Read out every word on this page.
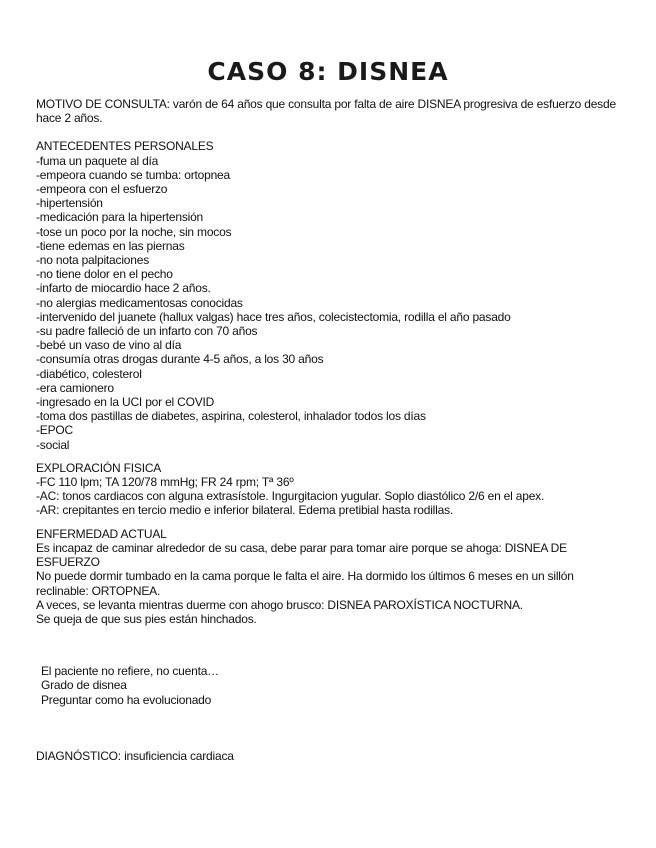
CASO 8: DISNEA
MOTIVO DE CONSULTA: varón de 64 años que consulta por falta de aire DISNEA progresiva de esfuerzo desde hace 2 años.
ANTECEDENTES PERSONALES
-fuma un paquete al día
-empeora cuando se tumba: ortopnea
-empeora con el esfuerzo
-hipertensión
-medicación para la hipertensión
-tose un poco por la noche, sin mocos
-tiene edemas en las piernas
-no nota palpitaciones
-no tiene dolor en el pecho
-infarto de miocardio hace 2 años.
-no alergias medicamentosas conocidas
-intervenido del juanete (hallux valgas) hace tres años, colecistectomia, rodilla el año pasado
-su padre falleció de un infarto con 70 años
-bebé un vaso de vino al día
-consumía otras drogas durante 4-5 años, a los 30 años
-diabético, colesterol
-era camionero
-ingresado en la UCI por el COVID
-toma dos pastillas de diabetes, aspirina, colesterol, inhalador todos los días
-EPOC
-social
EXPLORACIÓN FISICA
-FC 110 lpm; TA 120/78 mmHg; FR 24 rpm; Tª 36º
-AC: tonos cardiacos con alguna extrasístole. Ingurgitacion yugular. Soplo diastólico 2/6 en el apex.
-AR: crepitantes en tercio medio e inferior bilateral. Edema pretibial hasta rodillas.
ENFERMEDAD ACTUAL
Es incapaz de caminar alrededor de su casa, debe parar para tomar aire porque se ahoga: DISNEA DE ESFUERZO
No puede dormir tumbado en la cama porque le falta el aire. Ha dormido los últimos 6 meses en un sillón reclinable: ORTOPNEA.
A veces, se levanta mientras duerme con ahogo brusco: DISNEA PAROXÍSTICA NOCTURNA.
Se queja de que sus pies están hinchados.
El paciente no refiere, no cuenta…
Grado de disnea
Preguntar como ha evolucionado
DIAGNÓSTICO: insuficiencia cardiaca
